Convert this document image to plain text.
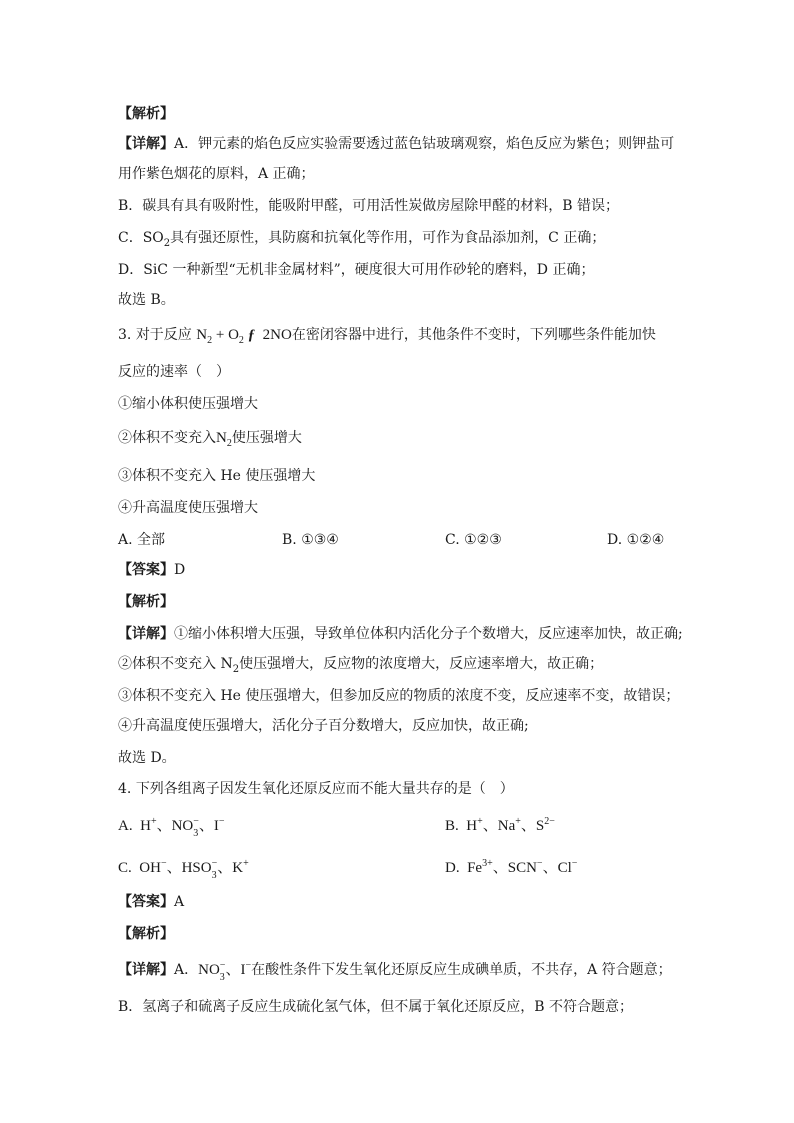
【解析】
【详解】A．钾元素的焰色反应实验需要透过蓝色钴玻璃观察，焰色反应为紫色；则钾盐可
用作紫色烟花的原料，A 正确；
B．碳具有具有吸附性，能吸附甲醛，可用活性炭做房屋除甲醛的材料，B 错误；
C．$SO_2$具有强还原性，具防腐和抗氧化等作用，可作为食品添加剂，C 正确；
D．SiC 一种新型“无机非金属材料”，硬度很大可用作砂轮的磨料，D 正确；
故选 B。
3. 对于反应 $N_2 + O_2$ ƒ 2NO在密闭容器中进行，其他条件不变时，下列哪些条件能加快
反应的速率（　）
①缩小体积使压强增大
②体积不变充入$N_2$使压强增大
③体积不变充入 He 使压强增大
④升高温度使压强增大
A. 全部	B. ①③④	C. ①②③	D. ①②④
【答案】D
【解析】
【详解】①缩小体积增大压强，导致单位体积内活化分子个数增大，反应速率加快，故正确;
②体积不变充入 $N_2$使压强增大，反应物的浓度增大，反应速率增大，故正确；
③体积不变充入 He 使压强增大，但参加反应的物质的浓度不变，反应速率不变，故错误；
④升高温度使压强增大，活化分子百分数增大，反应加快，故正确;
故选 D。
4. 下列各组离子因发生氧化还原反应而不能大量共存的是（　）
A.  H+、$NO_3^-$、I−	B.  H+、Na+、$S^{2-}$
C.  OH−、$HSO_3^-$、K+	D.  $Fe^{3+}$、SCN−、Cl−
【答案】A
【解析】
【详解】A．$NO_3^-$、I−在酸性条件下发生氧化还原反应生成碘单质，不共存，A 符合题意；
B．氢离子和硫离子反应生成硫化氢气体，但不属于氧化还原反应，B 不符合题意；
